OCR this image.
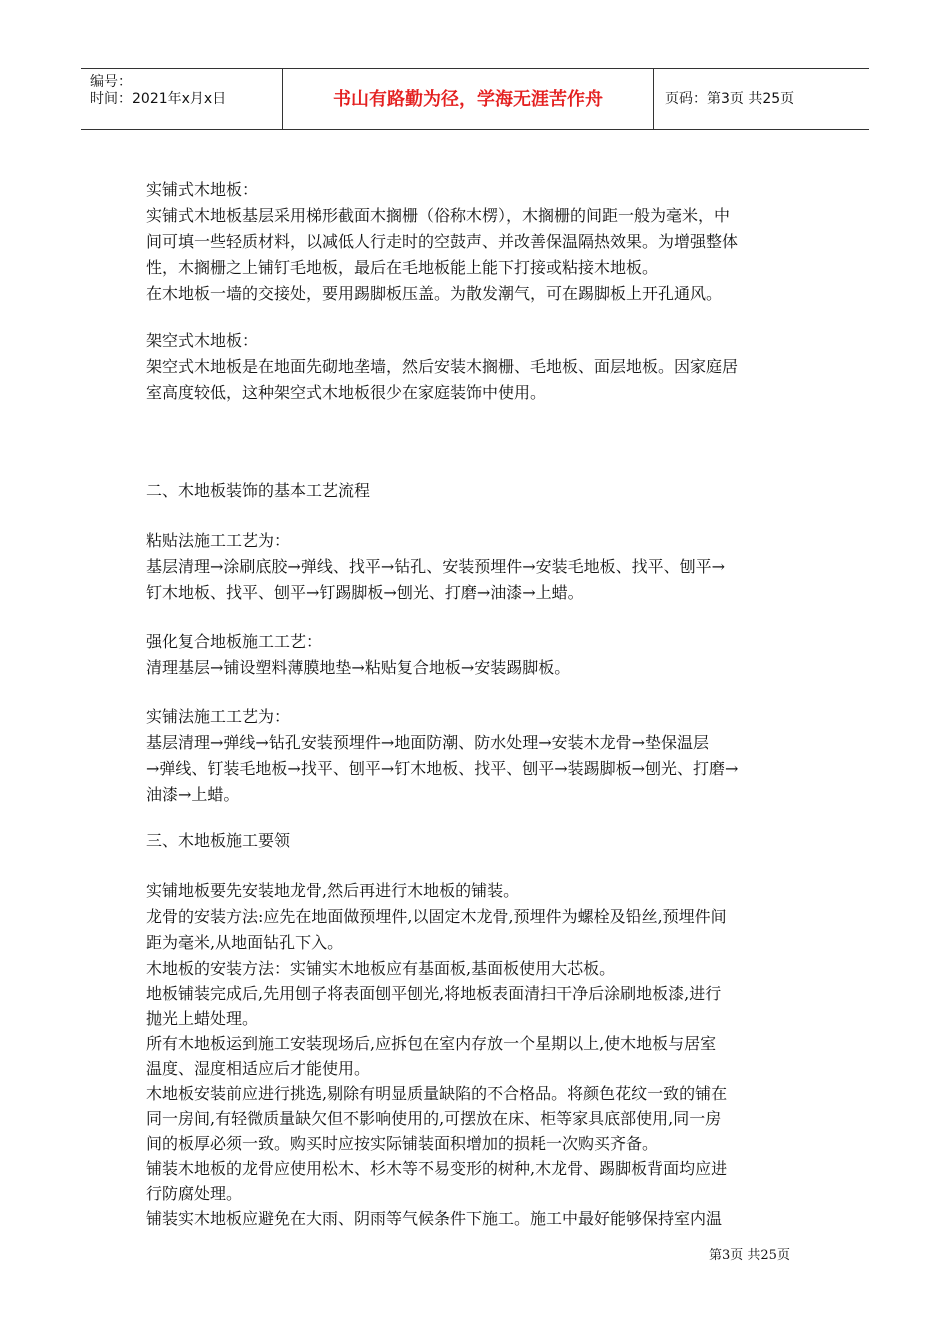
编号：
时间：2021年x月x日	书山有路勤为径，学海无涯苦作舟	页码：第3页 共25页
实铺式木地板：
实铺式木地板基层采用梯形截面木搁栅（俗称木楞），木搁栅的间距一般为毫米，中
间可填一些轻质材料，以减低人行走时的空鼓声、并改善保温隔热效果。为增强整体
性，木搁栅之上铺钉毛地板，最后在毛地板能上能下打接或粘接木地板。
在木地板一墙的交接处，要用踢脚板压盖。为散发潮气，可在踢脚板上开孔通风。
架空式木地板：
架空式木地板是在地面先砌地垄墙，然后安装木搁栅、毛地板、面层地板。因家庭居
室高度较低，这种架空式木地板很少在家庭装饰中使用。
二、木地板装饰的基本工艺流程
粘贴法施工工艺为：
基层清理→涂刷底胶→弹线、找平→钻孔、安装预埋件→安装毛地板、找平、刨平→
钉木地板、找平、刨平→钉踢脚板→刨光、打磨→油漆→上蜡。
强化复合地板施工工艺：
清理基层→铺设塑料薄膜地垫→粘贴复合地板→安装踢脚板。
实铺法施工工艺为：
基层清理→弹线→钻孔安装预埋件→地面防潮、防水处理→安装木龙骨→垫保温层
→弹线、钉装毛地板→找平、刨平→钉木地板、找平、刨平→装踢脚板→刨光、打磨→
油漆→上蜡。
三、木地板施工要领
实铺地板要先安装地龙骨,然后再进行木地板的铺装。
龙骨的安装方法:应先在地面做预埋件,以固定木龙骨,预埋件为螺栓及铅丝,预埋件间
距为毫米,从地面钻孔下入。
木地板的安装方法：实铺实木地板应有基面板,基面板使用大芯板。
地板铺装完成后,先用刨子将表面刨平刨光,将地板表面清扫干净后涂刷地板漆,进行
抛光上蜡处理。
所有木地板运到施工安装现场后,应拆包在室内存放一个星期以上,使木地板与居室
温度、湿度相适应后才能使用。
木地板安装前应进行挑选,剔除有明显质量缺陷的不合格品。将颜色花纹一致的铺在
同一房间,有轻微质量缺欠但不影响使用的,可摆放在床、柜等家具底部使用,同一房
间的板厚必须一致。购买时应按实际铺装面积增加的损耗一次购买齐备。
铺装木地板的龙骨应使用松木、杉木等不易变形的树种,木龙骨、踢脚板背面均应进
行防腐处理。
铺装实木地板应避免在大雨、阴雨等气候条件下施工。施工中最好能够保持室内温
第3页 共25页
